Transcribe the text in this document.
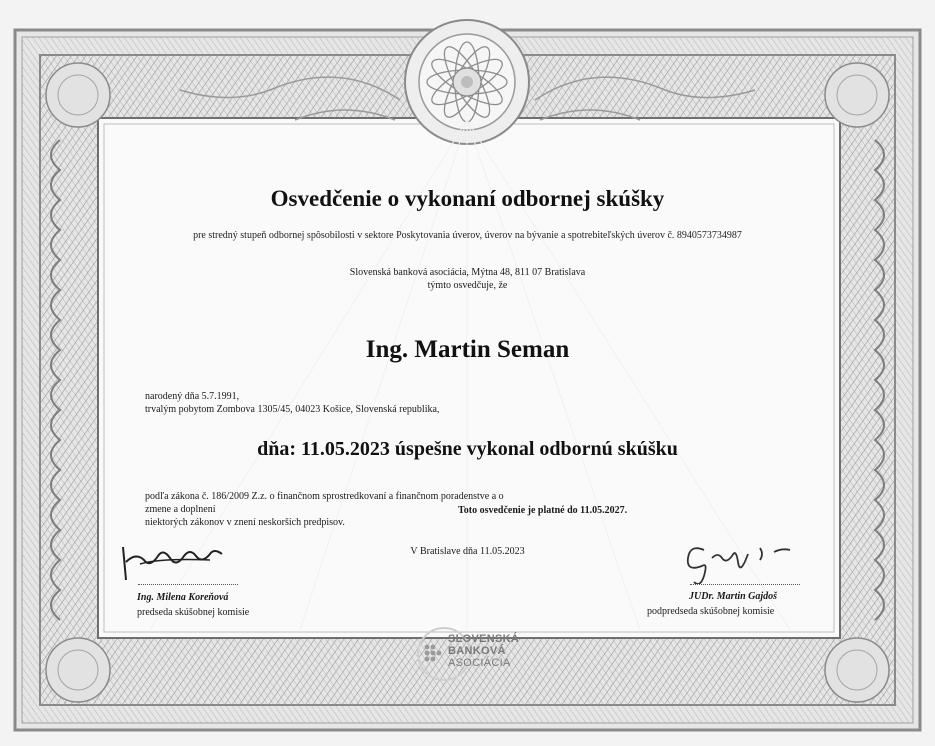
Osvedčenie o vykonaní odbornej skúšky
pre stredný stupeň odbornej spôsobilosti v sektore Poskytovania úverov, úverov na bývanie a spotrebiteľských úverov č. 8940573734987
Slovenská banková asociácia, Mýtna 48, 811 07 Bratislava
týmto osvedčuje, že
Ing. Martin Seman
narodený dňa 5.7.1991,
trvalým pobytom Zombova 1305/45, 04023 Košice, Slovenská republika,
dňa: 11.05.2023 úspešne vykonal odbornú skúšku
podľa zákona č. 186/2009 Z.z. o finančnom sprostredkovaní a finančnom poradenstve a o zmene a doplnení
niektorých zákonov v znení neskorších predpisov.
Toto osvedčenie je platné do 11.05.2027.
V Bratislave dňa 11.05.2023
Ing. Milena Koreňová
predseda skúšobnej komisie
JUDr. Martin Gajdoš
podpredseda skúšobnej komisie
SLOVENSKÁ
BANKOVÁ
ASOCIÁCIA
